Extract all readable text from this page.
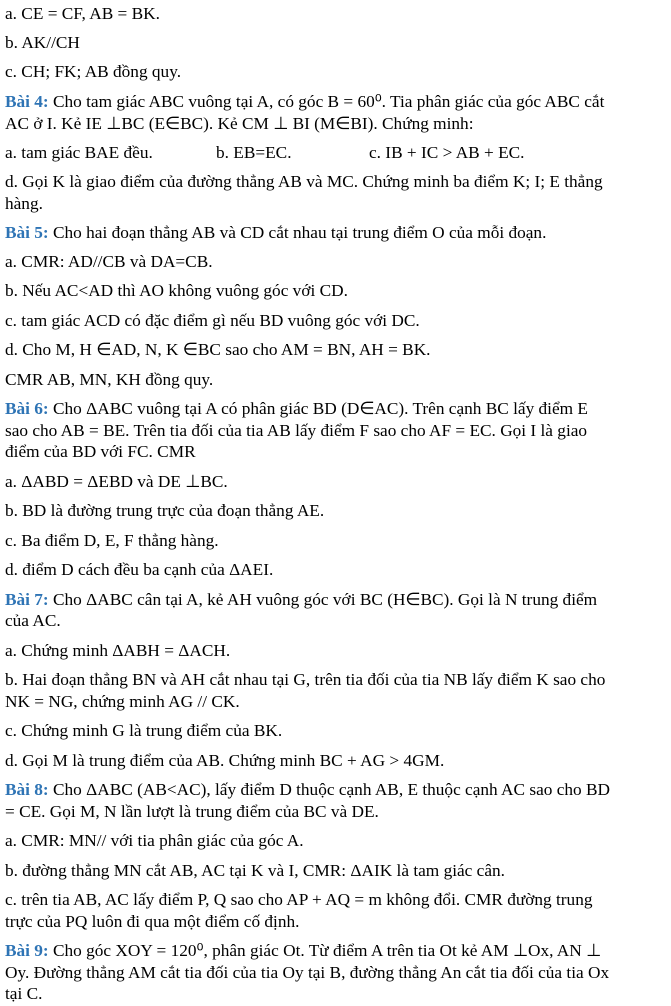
a. CE = CF, AB = BK.
b. AK//CH
c. CH; FK; AB đồng quy.
Bài 4: Cho tam giác ABC vuông tại A, có góc B = 60⁰. Tia phân giác của góc ABC cắt
AC ở I. Kẻ IE ⊥BC (E∈BC). Kẻ CM ⊥ BI (M∈BI). Chứng minh:
d. Gọi K là giao điểm của đường thẳng AB và MC. Chứng minh ba điểm K; I; E thẳng
hàng.
Bài 5: Cho hai đoạn thẳng AB và CD cắt nhau tại trung điểm O của mỗi đoạn.
a. CMR: AD//CB và DA=CB.
b. Nếu AC<AD thì AO không vuông góc với CD.
c. tam giác ACD có đặc điểm gì nếu BD vuông góc với DC.
d. Cho M, H ∈AD, N, K ∈BC sao cho AM = BN, AH = BK.
CMR AB, MN, KH đồng quy.
Bài 6: Cho ΔABC vuông tại A có phân giác BD (D∈AC). Trên cạnh BC lấy điểm E
sao cho AB = BE. Trên tia đối của tia AB lấy điểm F sao cho AF = EC. Gọi I là giao
điểm của BD với FC. CMR
a. ΔABD = ΔEBD và DE ⊥BC.
b. BD là đường trung trực của đoạn thẳng AE.
c. Ba điểm D, E, F thẳng hàng.
d. điểm D cách đều ba cạnh của ΔAEI.
Bài 7: Cho ΔABC cân tại A, kẻ AH vuông góc với BC (H∈BC). Gọi là N trung điểm
của AC.
a. Chứng minh ΔABH = ΔACH.
b. Hai đoạn thẳng BN và AH cắt nhau tại G, trên tia đối của tia NB lấy điểm K sao cho
NK = NG, chứng minh AG // CK.
c. Chứng minh G là trung điểm của BK.
d. Gọi M là trung điểm của AB. Chứng minh BC + AG > 4GM.
Bài 8: Cho ΔABC (AB<AC), lấy điểm D thuộc cạnh AB, E thuộc cạnh AC sao cho BD
= CE. Gọi M, N lần lượt là trung điểm của BC và DE.
a. CMR: MN// với tia phân giác của góc A.
b. đường thẳng MN cắt AB, AC tại K và I, CMR: ΔAIK là tam giác cân.
c. trên tia AB, AC lấy điểm P, Q sao cho AP + AQ = m không đổi. CMR đường trung
trực của PQ luôn đi qua một điểm cố định.
Bài 9: Cho góc XOY = 120⁰, phân giác Ot. Từ điểm A trên tia Ot kẻ AM ⊥Ox, AN ⊥
Oy. Đường thẳng AM cắt tia đối của tia Oy tại B, đường thẳng An cắt tia đối của tia Ox
tại C.
a. tam giác BAE đều.	b. EB=EC.	c. IB + IC > AB + EC.
